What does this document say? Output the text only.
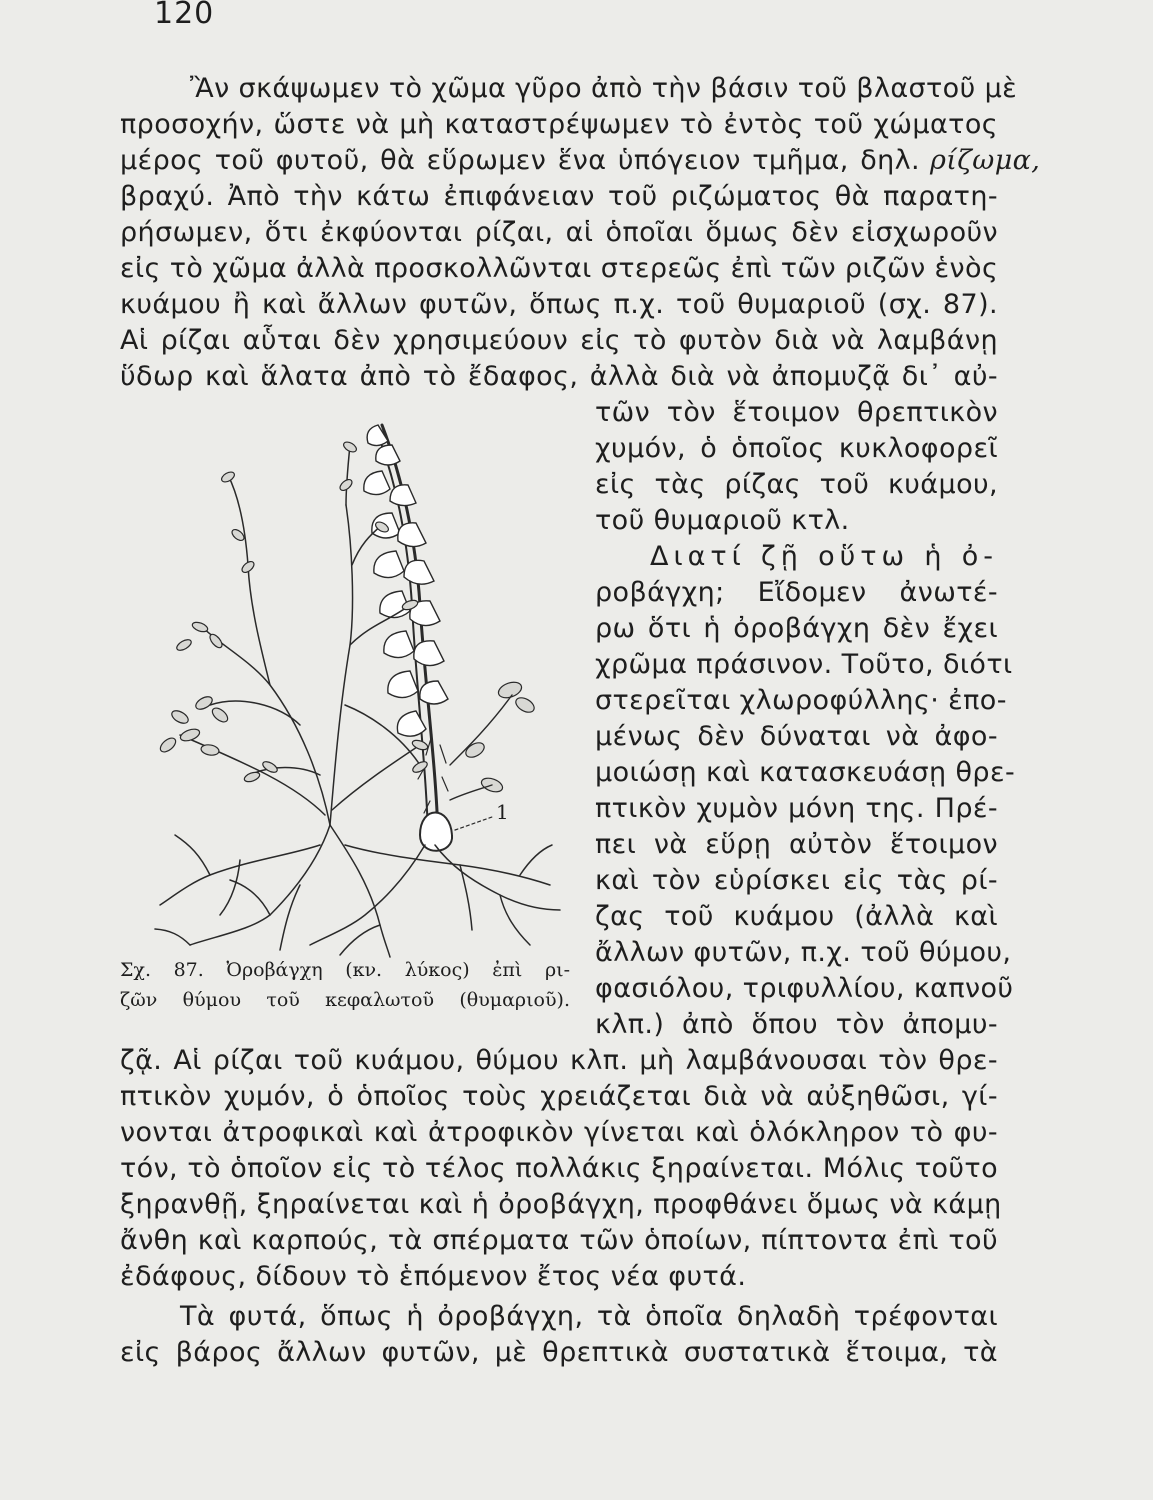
120
Ἂν σκάψωμεν τὸ χῶμα γῦρο ἀπὸ τὴν βάσιν τοῦ βλαστοῦ μὲ
προσοχήν, ὥστε νὰ μὴ καταστρέψωμεν τὸ ἐντὸς τοῦ χώματος
μέρος τοῦ φυτοῦ, θὰ εὕρωμεν ἕνα ὑπόγειον τμῆμα, δηλ. ρίζωμα,
βραχύ. Ἀπὸ τὴν κάτω ἐπιφάνειαν τοῦ ριζώματος θὰ παρατη-
ρήσωμεν, ὅτι ἐκφύονται ρίζαι, αἱ ὁποῖαι ὅμως δὲν εἰσχωροῦν
εἰς τὸ χῶμα ἀλλὰ προσκολλῶνται στερεῶς ἐπὶ τῶν ριζῶν ἑνὸς
κυάμου ἢ καὶ ἄλλων φυτῶν, ὅπως π.χ. τοῦ θυμαριοῦ (σχ. 87).
Αἱ ρίζαι αὗται δὲν χρησιμεύουν εἰς τὸ φυτὸν διὰ νὰ λαμβάνῃ
ὕδωρ καὶ ἅλατα ἀπὸ τὸ ἔδαφος, ἀλλὰ διὰ νὰ ἀπομυζᾷ δι᾽ αὐ-
τῶν τὸν ἕτοιμον θρεπτικὸν
χυμόν, ὁ ὁποῖος κυκλοφορεῖ
εἰς τὰς ρίζας τοῦ κυάμου,
τοῦ θυμαριοῦ κτλ.
Διατί ζῇ οὕτω ἡ ὀ-
ροβάγχη; Εἴδομεν ἀνωτέ-
ρω ὅτι ἡ ὀροβάγχη δὲν ἔχει
χρῶμα πράσινον. Τοῦτο, διότι
στερεῖται χλωροφύλλης· ἐπο-
μένως δὲν δύναται νὰ ἀφο-
μοιώσῃ καὶ κατασκευάσῃ θρε-
πτικὸν χυμὸν μόνη της. Πρέ-
πει νὰ εὕρῃ αὐτὸν ἕτοιμον
καὶ τὸν εὑρίσκει εἰς τὰς ρί-
ζας τοῦ κυάμου (ἀλλὰ καὶ
ἄλλων φυτῶν, π.χ. τοῦ θύμου,
φασιόλου, τριφυλλίου, καπνοῦ
κλπ.) ἀπὸ ὅπου τὸν ἀπομυ-
1
Σχ. 87. Ὀροβάγχη (κν. λύκος) ἐπὶ ρι-
ζῶν θύμου τοῦ κεφαλωτοῦ (θυμαριοῦ).
ζᾷ. Αἱ ρίζαι τοῦ κυάμου, θύμου κλπ. μὴ λαμβάνουσαι τὸν θρε-
πτικὸν χυμόν, ὁ ὁποῖος τοὺς χρειάζεται διὰ νὰ αὐξηθῶσι, γί-
νονται ἀτροφικαὶ καὶ ἀτροφικὸν γίνεται καὶ ὁλόκληρον τὸ φυ-
τόν, τὸ ὁποῖον εἰς τὸ τέλος πολλάκις ξηραίνεται. Μόλις τοῦτο
ξηρανθῇ, ξηραίνεται καὶ ἡ ὀροβάγχη, προφθάνει ὅμως νὰ κάμῃ
ἄνθη καὶ καρπούς, τὰ σπέρματα τῶν ὁποίων, πίπτοντα ἐπὶ τοῦ
ἐδάφους, δίδουν τὸ ἑπόμενον ἔτος νέα φυτά.
Τὰ φυτά, ὅπως ἡ ὀροβάγχη, τὰ ὁποῖα δηλαδὴ τρέφονται
εἰς βάρος ἄλλων φυτῶν, μὲ θρεπτικὰ συστατικὰ ἕτοιμα, τὰ
